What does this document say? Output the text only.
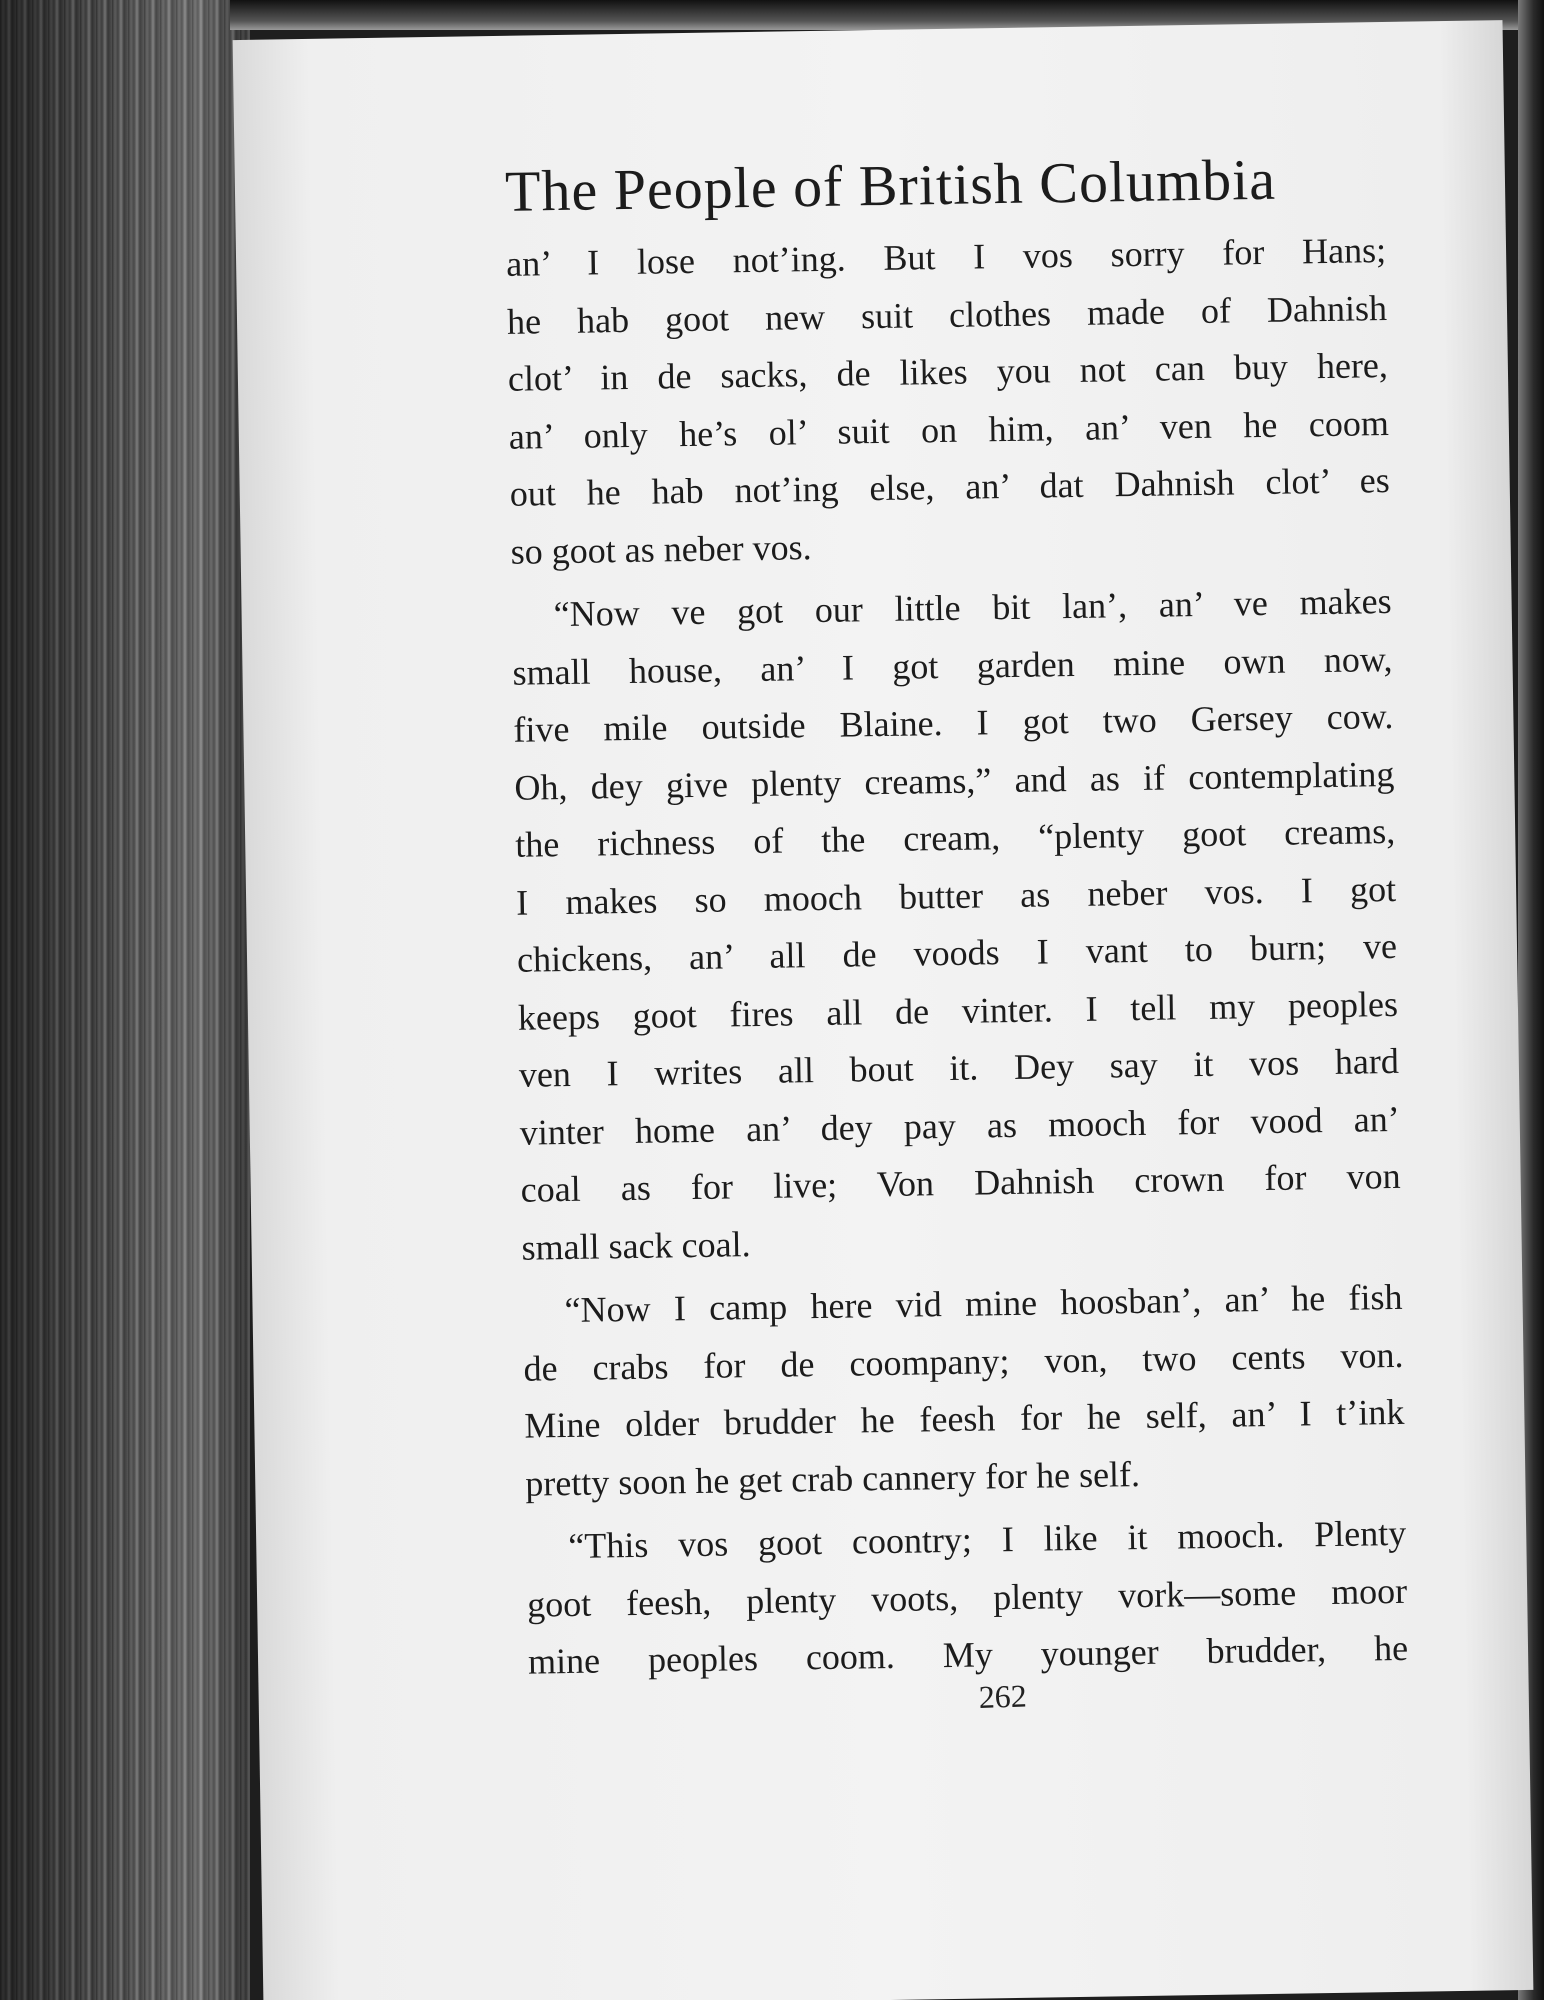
The People of British Columbia

an’ I lose not’ing. But I vos sorry for Hans;
he hab goot new suit clothes made of Dahnish
clot’ in de sacks, de likes you not can buy here,
an’ only he’s ol’ suit on him, an’ ven he coom
out he hab not’ing else, an’ dat Dahnish clot’ es
so goot as neber vos.

“Now ve got our little bit lan’, an’ ve makes
small house, an’ I got garden mine own now,
five mile outside Blaine. I got two Gersey cow.
Oh, dey give plenty creams,” and as if contemplating
the richness of the cream, “plenty goot creams,
I makes so mooch butter as neber vos. I got
chickens, an’ all de voods I vant to burn; ve
keeps goot fires all de vinter. I tell my peoples
ven I writes all bout it. Dey say it vos hard
vinter home an’ dey pay as mooch for vood an’
coal as for live; Von Dahnish crown for von
small sack coal.

“Now I camp here vid mine hoosban’, an’ he fish
de crabs for de coompany; von, two cents von.
Mine older brudder he feesh for he self, an’ I t’ink
pretty soon he get crab cannery for he self.

“This vos goot coontry; I like it mooch. Plenty
goot feesh, plenty voots, plenty vork—some moor
mine peoples coom. My younger brudder, he

262
